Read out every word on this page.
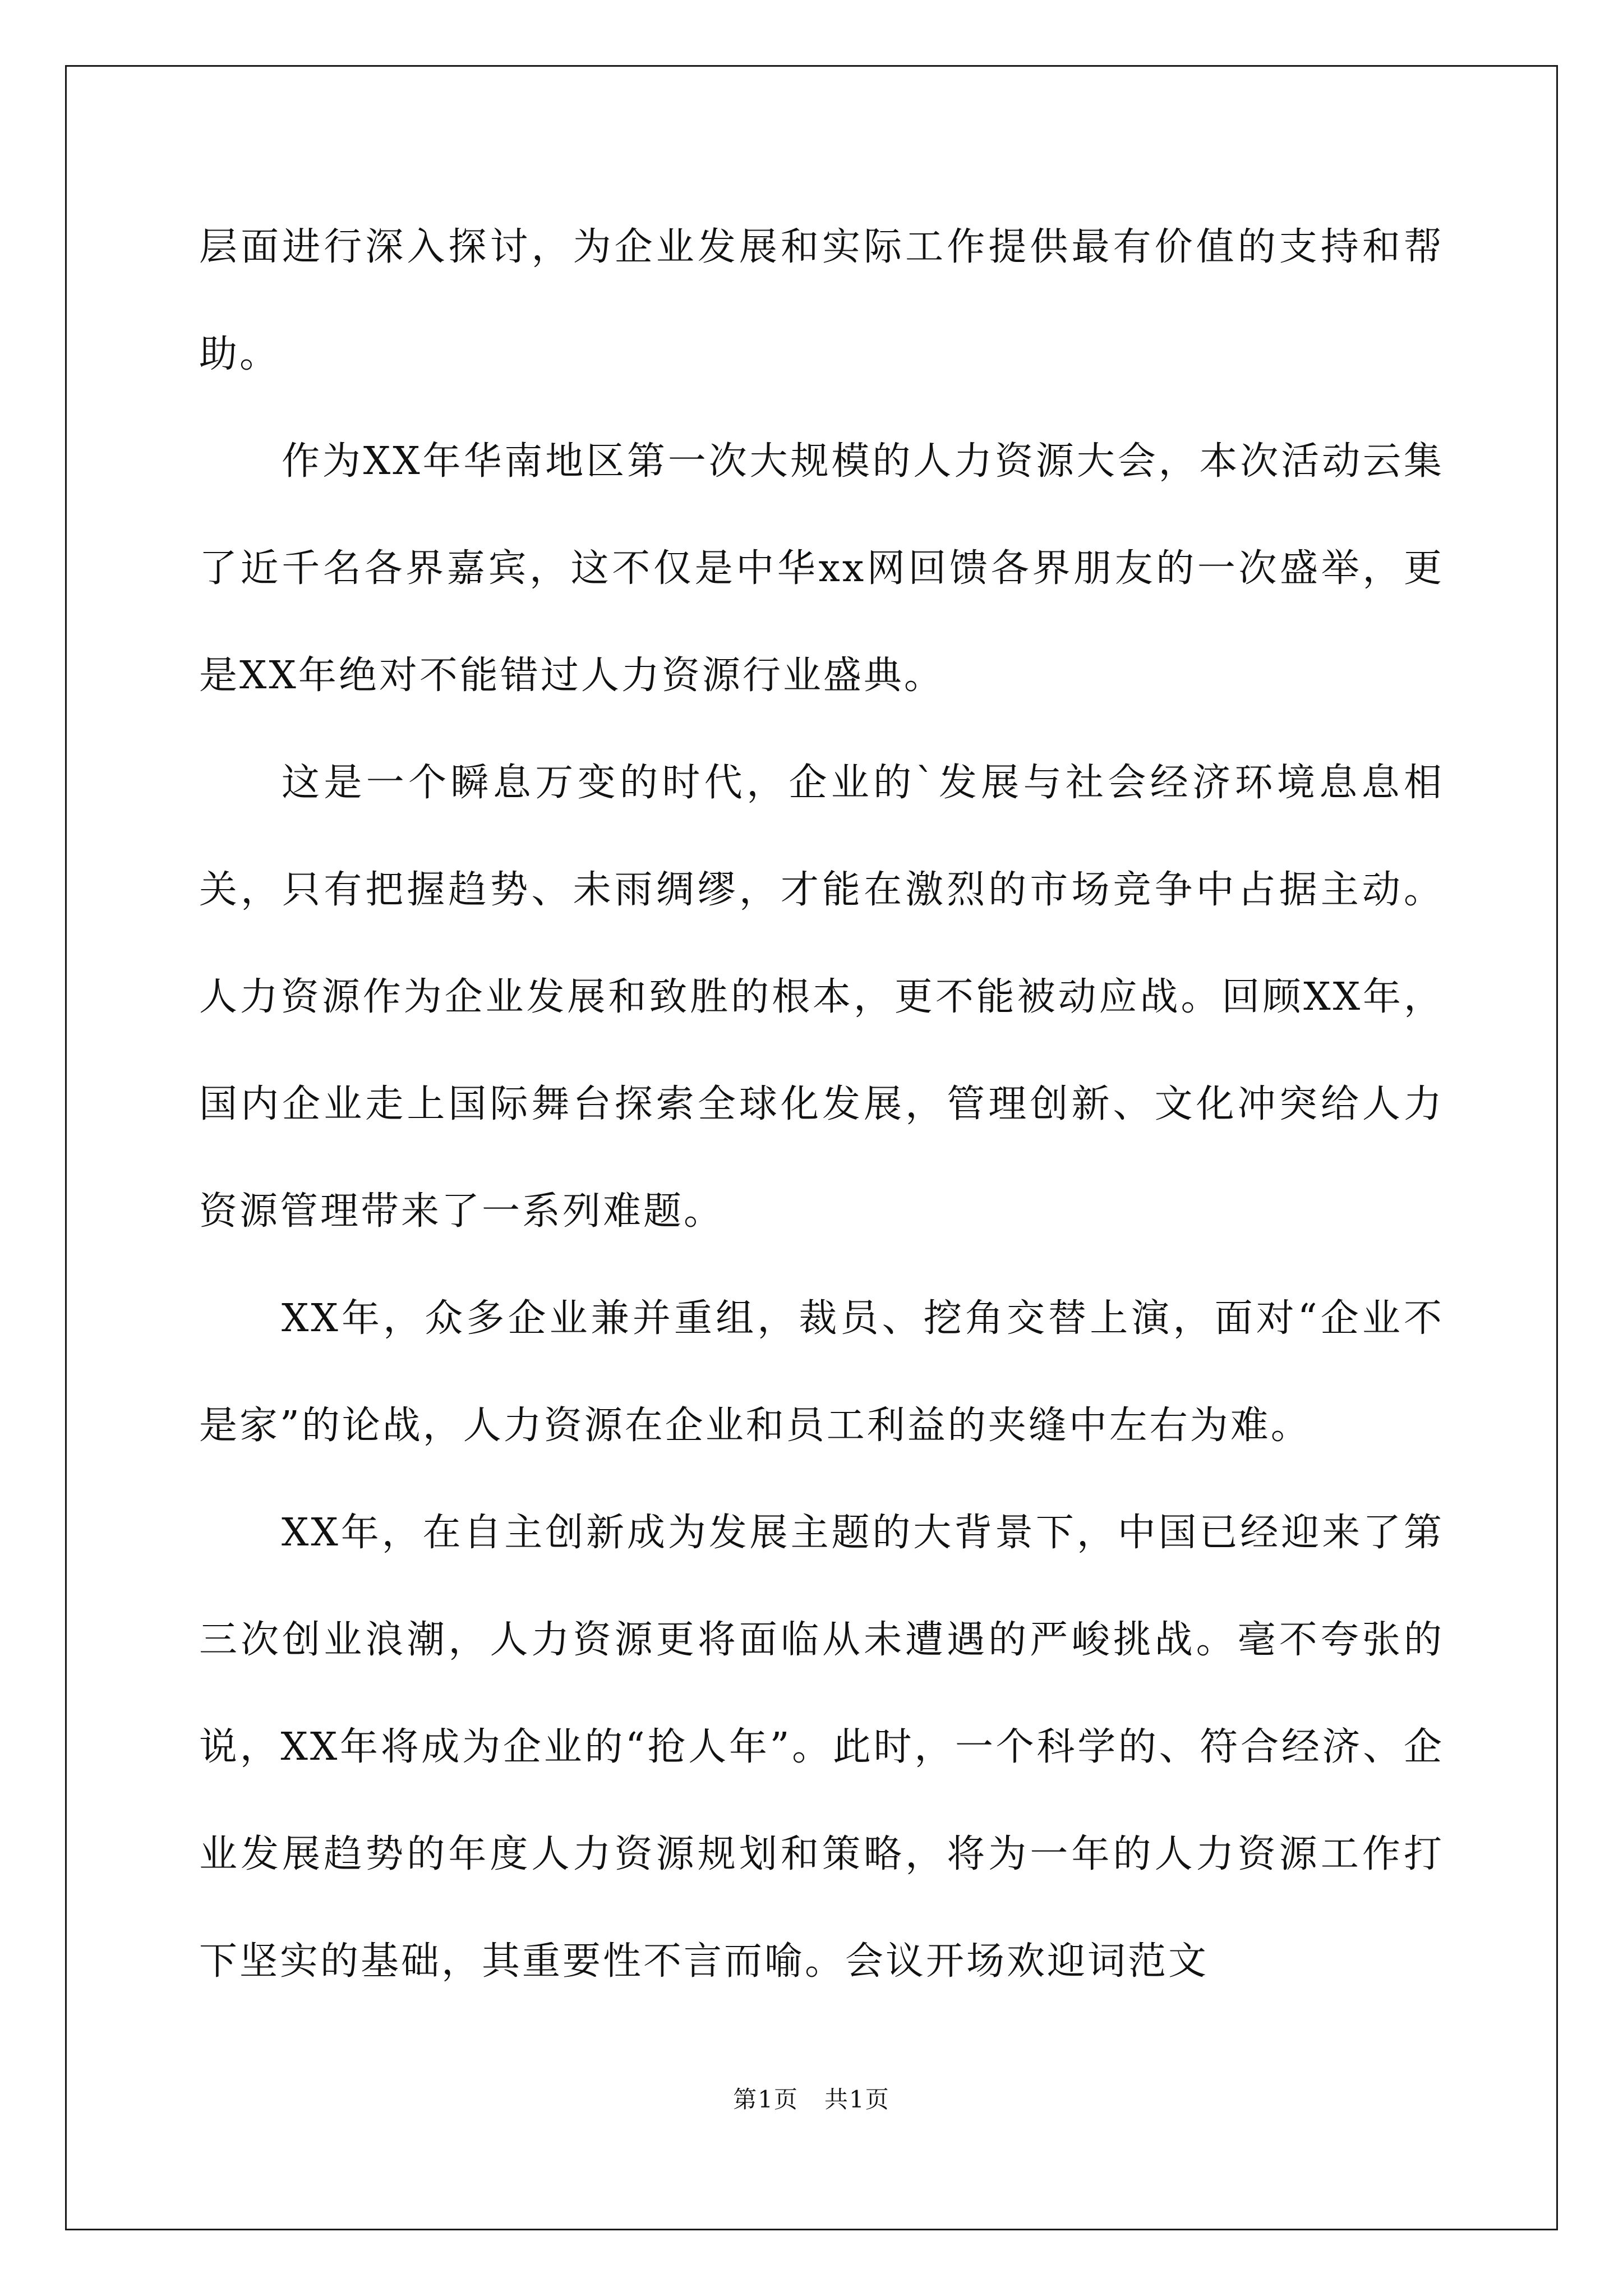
层面进行深入探讨，为企业发展和实际工作提供最有价值的支持和帮助。

作为XX年华南地区第一次大规模的人力资源大会，本次活动云集了近千名各界嘉宾，这不仅是中华xx网回馈各界朋友的一次盛举，更是XX年绝对不能错过人力资源行业盛典。

这是一个瞬息万变的时代，企业的`发展与社会经济环境息息相关，只有把握趋势、未雨绸缪，才能在激烈的市场竞争中占据主动。人力资源作为企业发展和致胜的根本，更不能被动应战。回顾XX年，国内企业走上国际舞台探索全球化发展，管理创新、文化冲突给人力资源管理带来了一系列难题。

XX年，众多企业兼并重组，裁员、挖角交替上演，面对“企业不是家”的论战，人力资源在企业和员工利益的夹缝中左右为难。

XX年，在自主创新成为发展主题的大背景下，中国已经迎来了第三次创业浪潮，人力资源更将面临从未遭遇的严峻挑战。毫不夸张的说，XX年将成为企业的“抢人年”。此时，一个科学的、符合经济、企业发展趋势的年度人力资源规划和策略，将为一年的人力资源工作打下坚实的基础，其重要性不言而喻。会议开场欢迎词范文

第1页 共1页
